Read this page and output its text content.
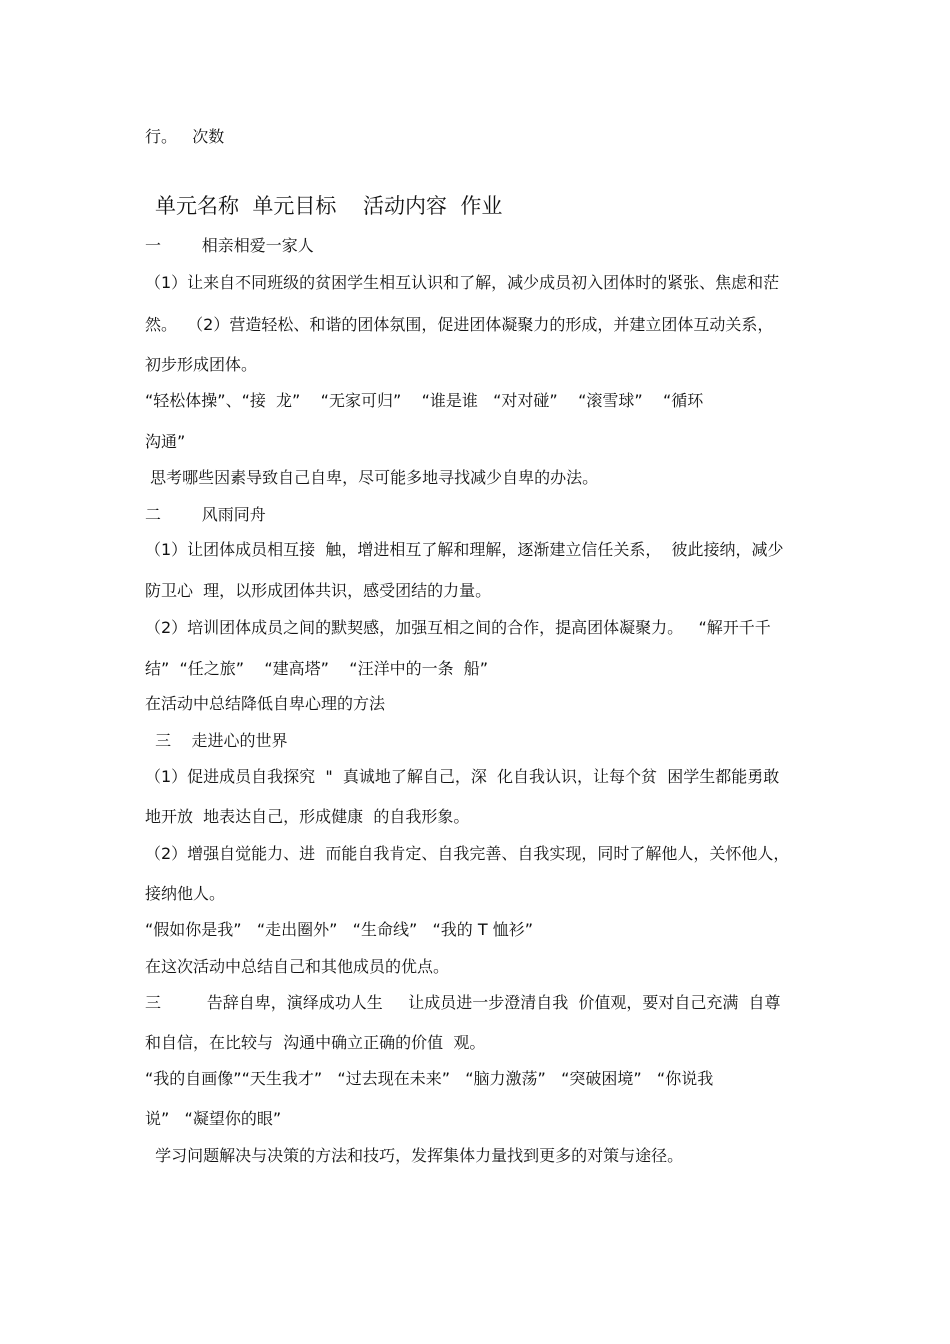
行。   次数

单元名称  单元目标    活动内容  作业

一        相亲相爱一家人

（1）让来自不同班级的贫困学生相互认识和了解，减少成员初入团体时的紧张、焦虑和茫

然。  （2）营造轻松、和谐的团体氛围，促进团体凝聚力的形成，并建立团体互动关系，

初步形成团体。

“轻松体操”、“接  龙”    “无家可归”    “谁是谁   “对对碰”    “滚雪球”    “循环

沟通”

思考哪些因素导致自己自卑，尽可能多地寻找减少自卑的办法。

二        风雨同舟

（1）让团体成员相互接  触，增进相互了解和理解，逐渐建立信任关系，  彼此接纳，减少

防卫心  理，以形成团体共识，感受团结的力量。

（2）培训团体成员之间的默契感，加强互相之间的合作，提高团体凝聚力。   “解开千千

结”  “任之旅”    “建高塔”    “汪洋中的一条  船”

在活动中总结降低自卑心理的方法

三    走进心的世界

（1）促进成员自我探究  "  真诚地了解自己，深  化自我认识，让每个贫  困学生都能勇敢

地开放  地表达自己，形成健康  的自我形象。

（2）增强自觉能力、进  而能自我肯定、自我完善、自我实现，同时了解他人，关怀他人，

接纳他人。

“假如你是我”   “走出圈外”   “生命线”   “我的 T 恤衫”

在这次活动中总结自己和其他成员的优点。

三         告辞自卑，演绎成功人生     让成员进一步澄清自我  价值观，要对自己充满  自尊

和自信，在比较与  沟通中确立正确的价值  观。

“我的自画像”“天生我才”   “过去现在未来”   “脑力激荡”   “突破困境”   “你说我

说”   “凝望你的眼”

学习问题解决与决策的方法和技巧，发挥集体力量找到更多的对策与途径。
